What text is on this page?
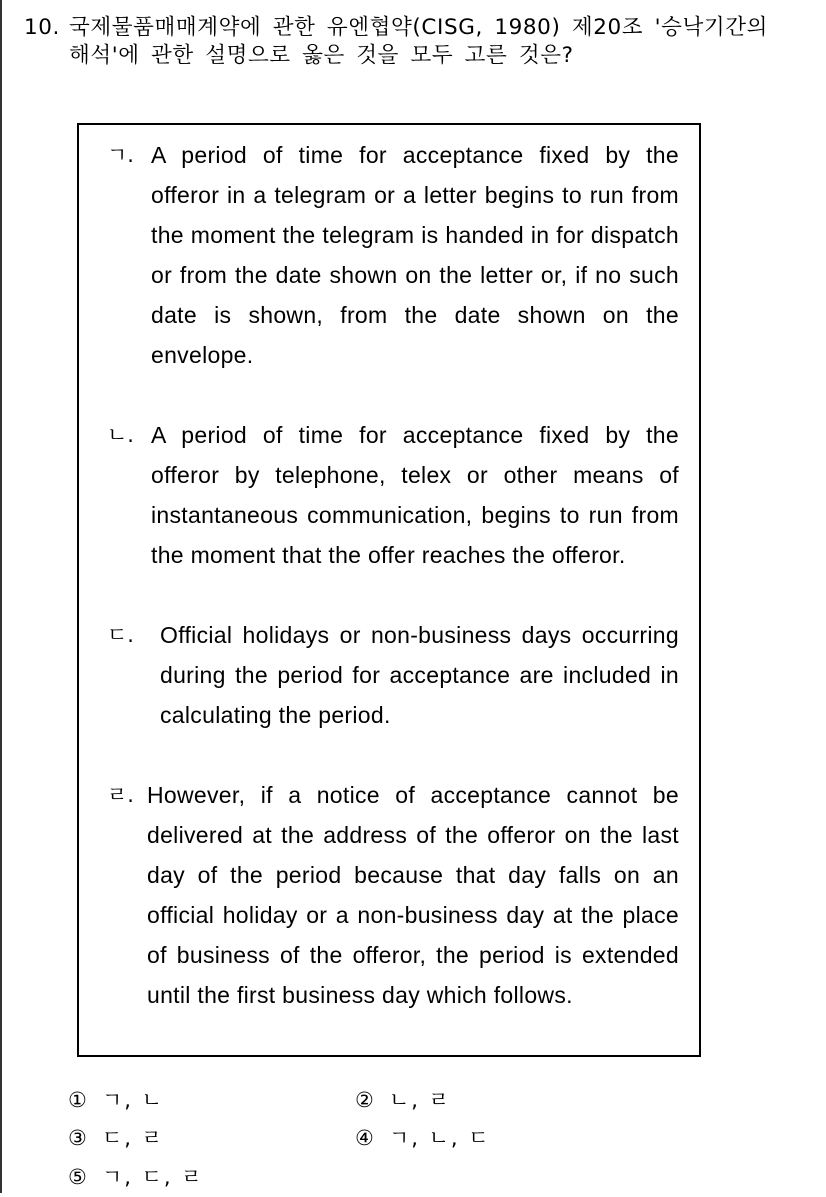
10. 국제물품매매계약에 관한 유엔협약(CISG, 1980) 제20조 '승낙기간의 해석'에 관한 설명으로 옳은 것을 모두 고른 것은?
ㄱ. A period of time for acceptance fixed by the offeror in a telegram or a letter begins to run from the moment the telegram is handed in for dispatch or from the date shown on the letter or, if no such date is shown, from the date shown on the envelope.
ㄴ. A period of time for acceptance fixed by the offeror by telephone, telex or other means of instantaneous communication, begins to run from the moment that the offer reaches the offeror.
ㄷ. Official holidays or non-business days occurring during the period for acceptance are included in calculating the period.
ㄹ. However, if a notice of acceptance cannot be delivered at the address of the offeror on the last day of the period because that day falls on an official holiday or a non-business day at the place of business of the offeror, the period is extended until the first business day which follows.
① ㄱ, ㄴ	② ㄴ, ㄹ
③ ㄷ, ㄹ	④ ㄱ, ㄴ, ㄷ
⑤ ㄱ, ㄷ, ㄹ
